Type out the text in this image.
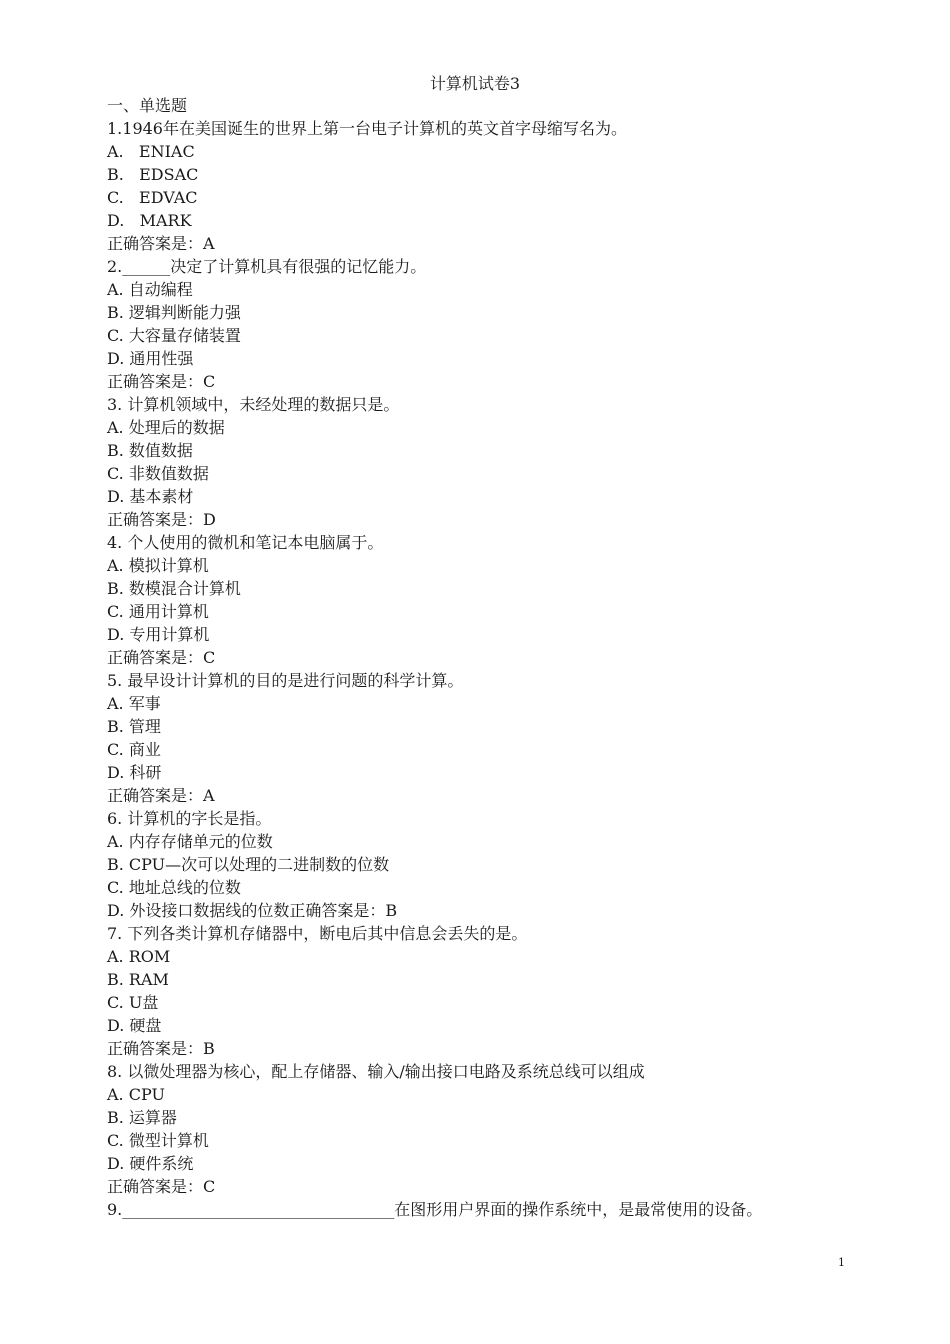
计算机试卷3
一、单选题
1.1946年在美国诞生的世界上第一台电子计算机的英文首字母缩写名为。
A.   ENIAC
B.   EDSAC
C.   EDVAC
D.   MARK
正确答案是：A
2.______决定了计算机具有很强的记忆能力。
A. 自动编程
B. 逻辑判断能力强
C. 大容量存储装置
D. 通用性强
正确答案是：C
3. 计算机领域中，未经处理的数据只是。
A. 处理后的数据
B. 数值数据
C. 非数值数据
D. 基本素材
正确答案是：D
4. 个人使用的微机和笔记本电脑属于。
A. 模拟计算机
B. 数模混合计算机
C. 通用计算机
D. 专用计算机
正确答案是：C
5. 最早设计计算机的目的是进行问题的科学计算。
A. 军事
B. 管理
C. 商业
D. 科研
正确答案是：A
6. 计算机的字长是指。
A. 内存存储单元的位数
B. CPU—次可以处理的二进制数的位数
C. 地址总线的位数
D. 外设接口数据线的位数正确答案是：B
7. 下列各类计算机存储器中，断电后其中信息会丢失的是。
A. ROM
B. RAM
C. U盘
D. 硬盘
正确答案是：B
8. 以微处理器为核心，配上存储器、输入/输出接口电路及系统总线可以组成
A. CPU
B. 运算器
C. 微型计算机
D. 硬件系统
正确答案是：C
9.__________________________________在图形用户界面的操作系统中，是最常使用的设备。
1
